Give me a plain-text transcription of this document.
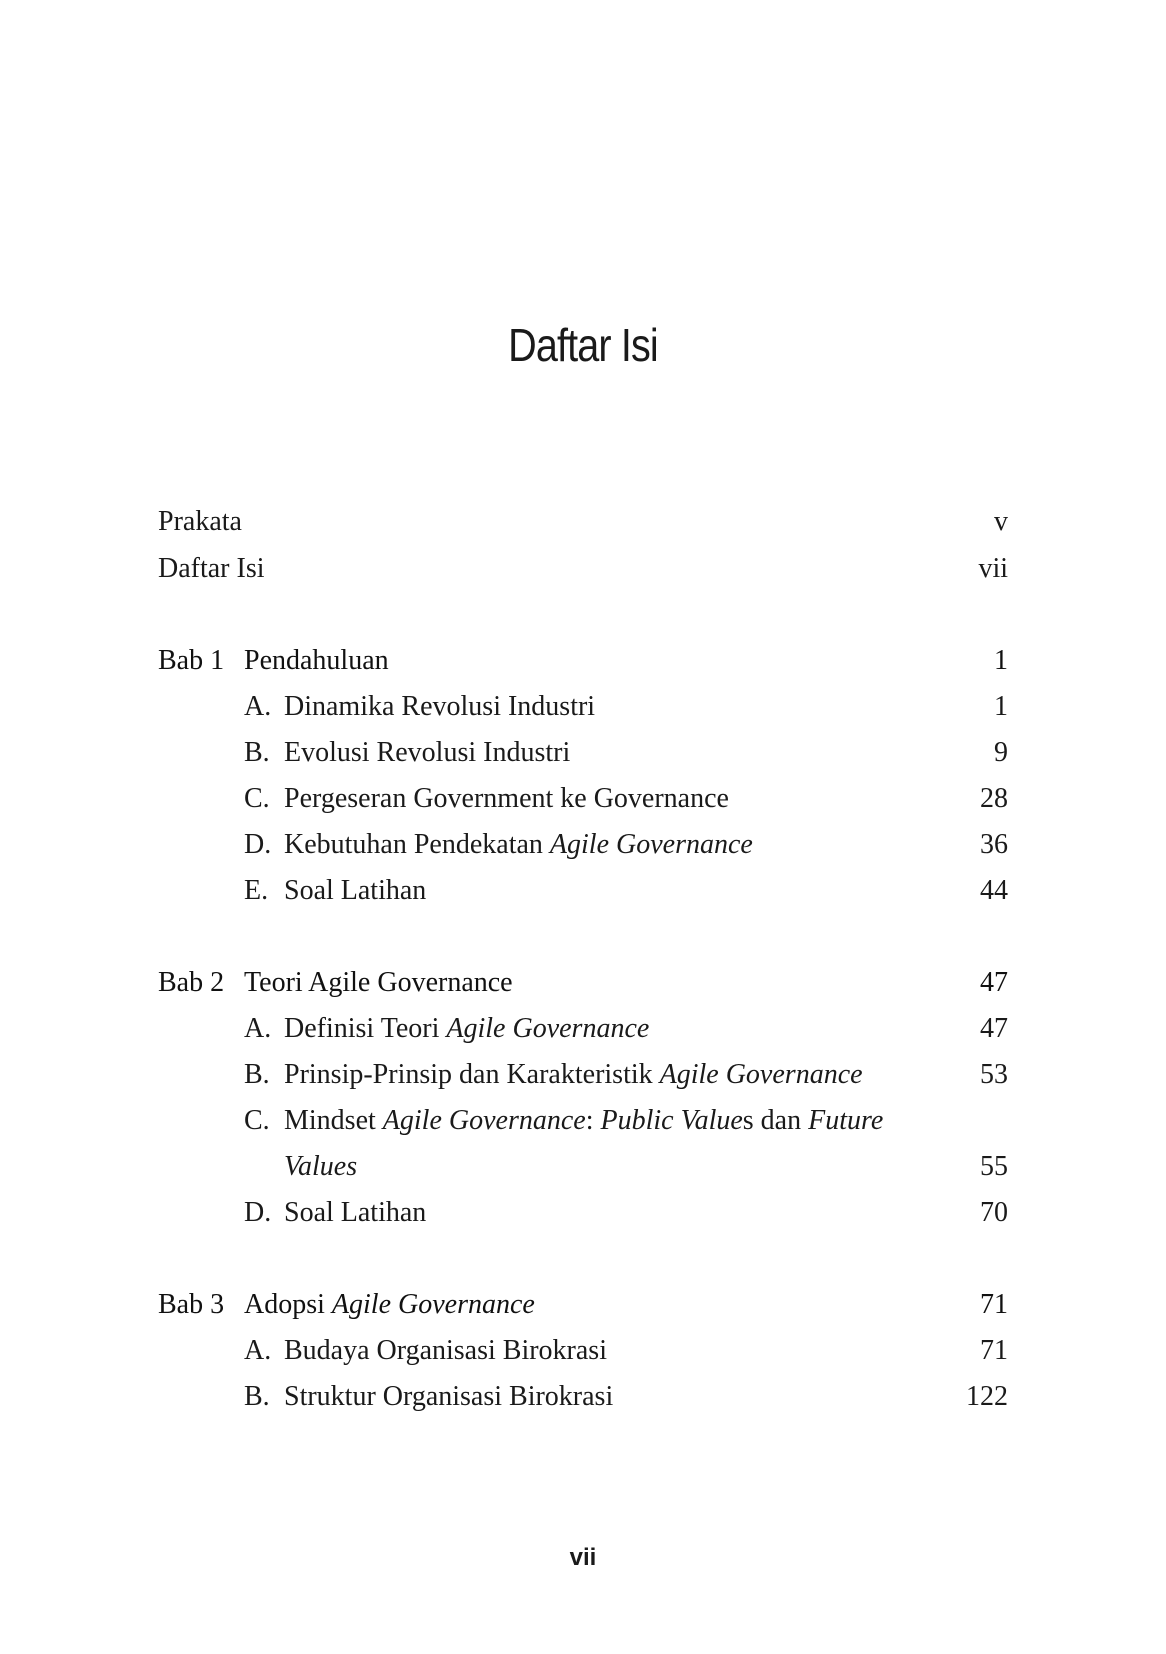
Daftar Isi
Prakata	v
Daftar Isi	vii
Bab 1 Pendahuluan	1
A. Dinamika Revolusi Industri	1
B. Evolusi Revolusi Industri	9
C. Pergeseran Government ke Governance	28
D. Kebutuhan Pendekatan Agile Governance	36
E. Soal Latihan	44
Bab 2 Teori Agile Governance	47
A. Definisi Teori Agile Governance	47
B. Prinsip-Prinsip dan Karakteristik Agile Governance	53
C. Mindset Agile Governance: Public Values dan Future
Values	55
D. Soal Latihan	70
Bab 3 Adopsi Agile Governance	71
A. Budaya Organisasi Birokrasi	71
B. Struktur Organisasi Birokrasi	122
vii
